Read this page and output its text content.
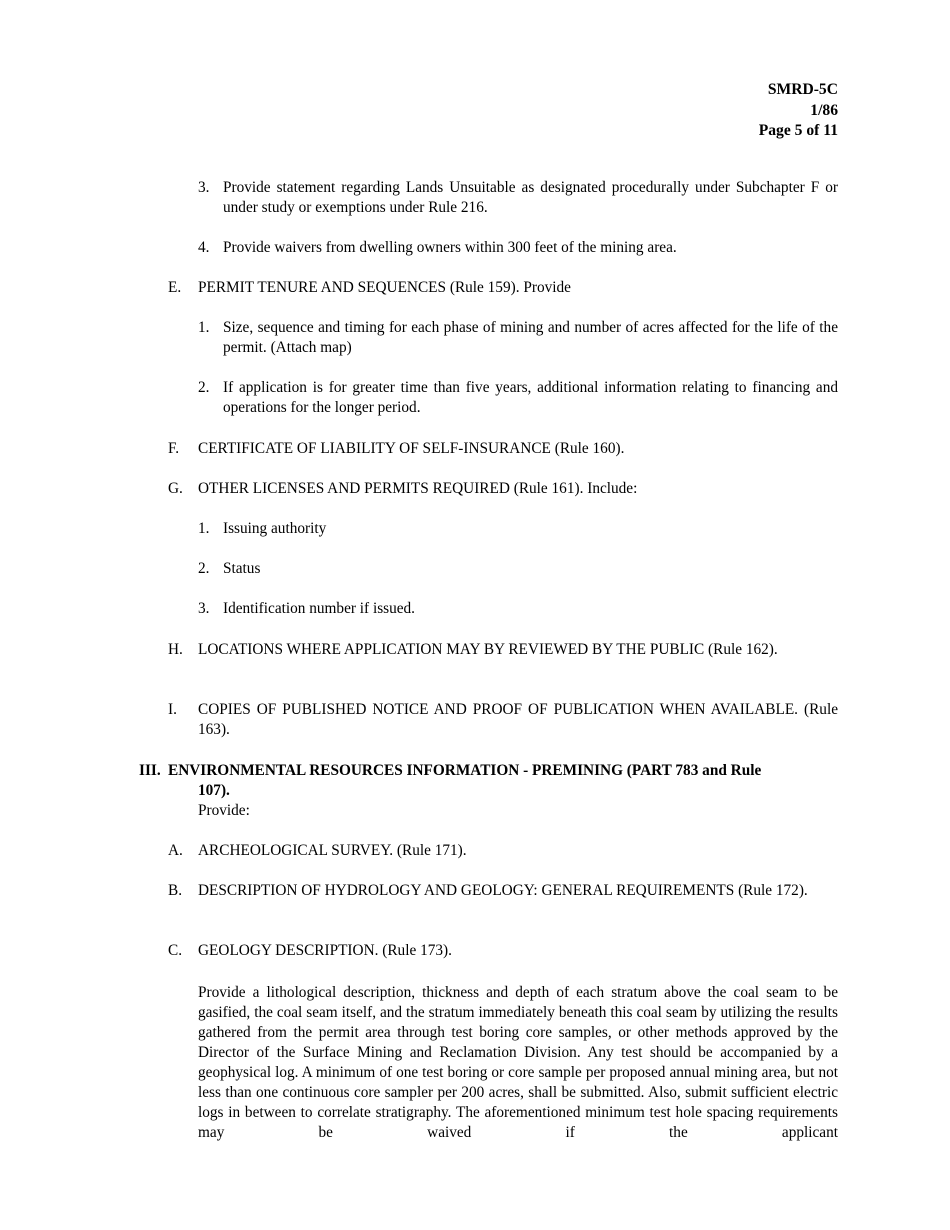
SMRD-5C
1/86
Page 5 of 11
3. Provide statement regarding Lands Unsuitable as designated procedurally under Subchapter F or under study or exemptions under Rule 216.
4. Provide waivers from dwelling owners within 300 feet of the mining area.
E. PERMIT TENURE AND SEQUENCES (Rule 159). Provide
1. Size, sequence and timing for each phase of mining and number of acres affected for the life of the permit. (Attach map)
2. If application is for greater time than five years, additional information relating to financing and operations for the longer period.
F. CERTIFICATE OF LIABILITY OF SELF-INSURANCE (Rule 160).
G. OTHER LICENSES AND PERMITS REQUIRED (Rule 161). Include:
1. Issuing authority
2. Status
3. Identification number if issued.
H. LOCATIONS WHERE APPLICATION MAY BY REVIEWED BY THE PUBLIC (Rule 162).
I. COPIES OF PUBLISHED NOTICE AND PROOF OF PUBLICATION WHEN AVAILABLE. (Rule 163).
III. ENVIRONMENTAL RESOURCES INFORMATION - PREMINING (PART 783 and Rule
107).
Provide:
A. ARCHEOLOGICAL SURVEY. (Rule 171).
B. DESCRIPTION OF HYDROLOGY AND GEOLOGY: GENERAL REQUIREMENTS (Rule 172).
C. GEOLOGY DESCRIPTION. (Rule 173).
Provide a lithological description, thickness and depth of each stratum above the coal seam to be gasified, the coal seam itself, and the stratum immediately beneath this coal seam by utilizing the results gathered from the permit area through test boring core samples, or other methods approved by the Director of the Surface Mining and Reclamation Division. Any test should be accompanied by a geophysical log. A minimum of one test boring or core sample per proposed annual mining area, but not less than one continuous core sampler per 200 acres, shall be submitted. Also, submit sufficient electric logs in between to correlate stratigraphy. The aforementioned minimum test hole spacing requirements may be waived if the applicant
